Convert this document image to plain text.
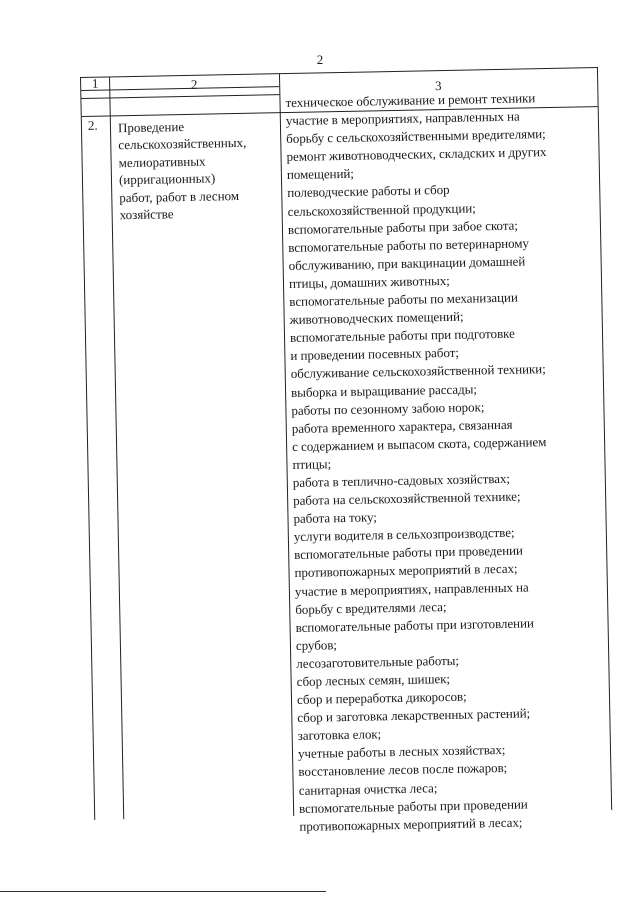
2
1	2	3
2. Проведение
сельскохозяйственных,
мелиоративных
(ирригационных)
работ, работ в лесном
хозяйстве
техническое обслуживание и ремонт техники
участие в мероприятиях, направленных на
борьбу с сельскохозяйственными вредителями;
ремонт животноводческих, складских и других
помещений;
полеводческие работы и сбор
сельскохозяйственной продукции;
вспомогательные работы при забое скота;
вспомогательные работы по ветеринарному
обслуживанию, при вакцинации домашней
птицы, домашних животных;
вспомогательные работы по механизации
животноводческих помещений;
вспомогательные работы при подготовке
и проведении посевных работ;
обслуживание сельскохозяйственной техники;
выборка и выращивание рассады;
работы по сезонному забою норок;
работа временного характера, связанная
с содержанием и выпасом скота, содержанием
птицы;
работа в теплично-садовых хозяйствах;
работа на сельскохозяйственной технике;
работа на току;
услуги водителя в сельхозпроизводстве;
вспомогательные работы при проведении
противопожарных мероприятий в лесах;
участие в мероприятиях, направленных на
борьбу с вредителями леса;
вспомогательные работы при изготовлении
срубов;
лесозаготовительные работы;
сбор лесных семян, шишек;
сбор и переработка дикоросов;
сбор и заготовка лекарственных растений;
заготовка елок;
учетные работы в лесных хозяйствах;
восстановление лесов после пожаров;
санитарная очистка леса;
вспомогательные работы при проведении
противопожарных мероприятий в лесах;
